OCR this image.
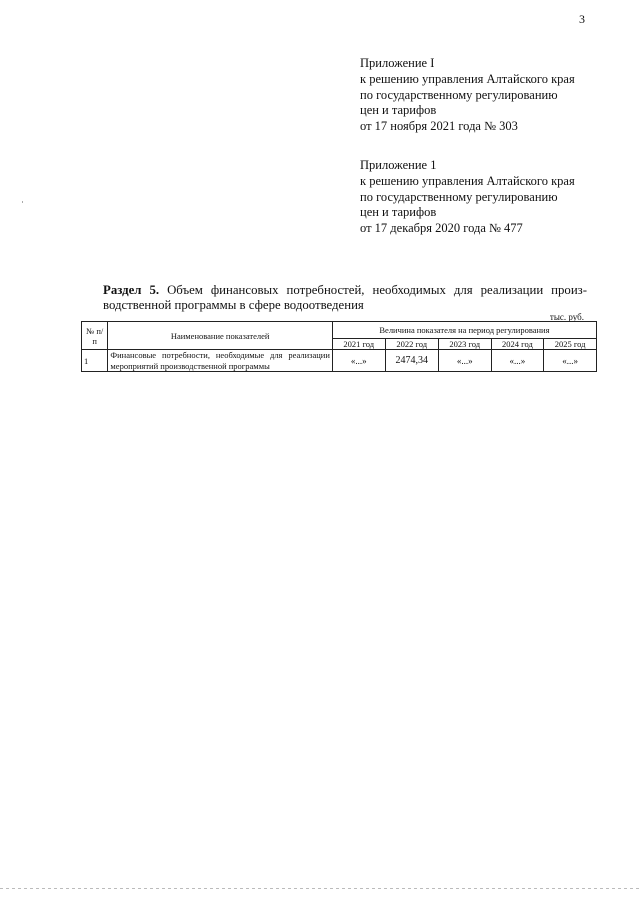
3
Приложение I
к решению управления Алтайского края
по государственному регулированию
цен и тарифов
от 17 ноября 2021 года № 303
Приложение 1
к решению управления Алтайского края
по государственному регулированию
цен и тарифов
от 17 декабря 2020 года № 477
Раздел 5. Объем финансовых потребностей, необходимых для реализации произ-
водственной программы в сфере водоотведения
тыс. руб.
№ п/п	Наименование показателей	Величина показателя на период регулирования				
		2021 год	2022 год	2023 год	2024 год	2025 год
1	Финансовые потребности, необходимые для реализации мероприятий производственной программы	«...»	2474,34	«...»	«...»	«...»
